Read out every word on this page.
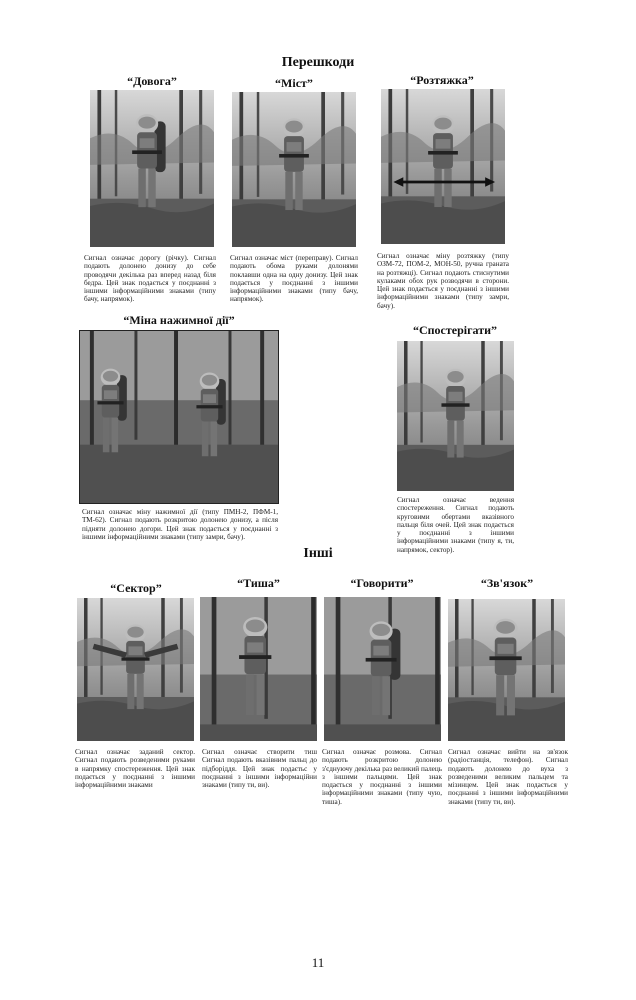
Перешкоди
“Довога”
Сигнал означає дорогу (річку). Сигнал подають долонею донизу до себе проводячи декілька раз вперед назад біля бедра. Цей знак подається у поєднанні з іншими інформаційними знаками (типу бачу, напрямок).
“Міст”
Сигнал означає міст (переправу). Сигнал подають обома руками долонями поклавши одна на одну донизу. Цей знак подається у поєднанні з іншими інформаційними знаками (типу бачу, напрямок).
“Розтяжка”
Сигнал означає міну розтяжку (типу ОЗМ-72, ПОМ-2, МОН-50, ручна граната на розтяжці). Сигнал подають стиснутими кулаками обох рук розводячи в сторони. Цей знак подається у поєднанні з іншими інформаційними знаками (типу замри, бачу).
“Міна нажимної дії”
Сигнал означає міну нажимної дії (типу ПМН-2, ПФМ-1, ТМ-62). Сигнал подають розкритою долонею донизу, а після підняти долонею догори. Цей знак подається у поєднанні з іншими інформаційними знаками (типу замри, бачу).
“Спостерігати”
Сигнал означає ведення спостереження. Сигнал подають круговими обертами вказівного пальця біля очей. Цей знак подається у поєднанні з іншими інформаційними знаками (типу я, ти, напрямок, сектор).
Інші
“Сектор”
Сигнал означає заданий сектор. Сигнал подають розведеними руками в напрямку спостереження. Цей знак подається у поєднанні з іншими інформаційними знаками
“Тиша”
Сигнал означає створити тиш Сигнал подають вказівним пальц до підборіддя. Цей знак подаєтьс у поєднанні з іншими інформаційни знаками (типу ти, ви).
“Говорити”
Сигнал означає розмова. Сигнал подають розкритою долонею з'єднуючу декілька раз великий палець з іншими пальцями. Цей знак подається у поєднанні з іншими інформаційними знаками (типу чую, тиша).
“Зв'язок”
Сигнал означає вийти на зв'язок (радіостанція, телефон). Сигнал подають долонею до вуха з розведеними великим пальцем та мізинцем. Цей знак подається у поєднанні з іншими інформаційними знаками (типу ти, ви).
11
